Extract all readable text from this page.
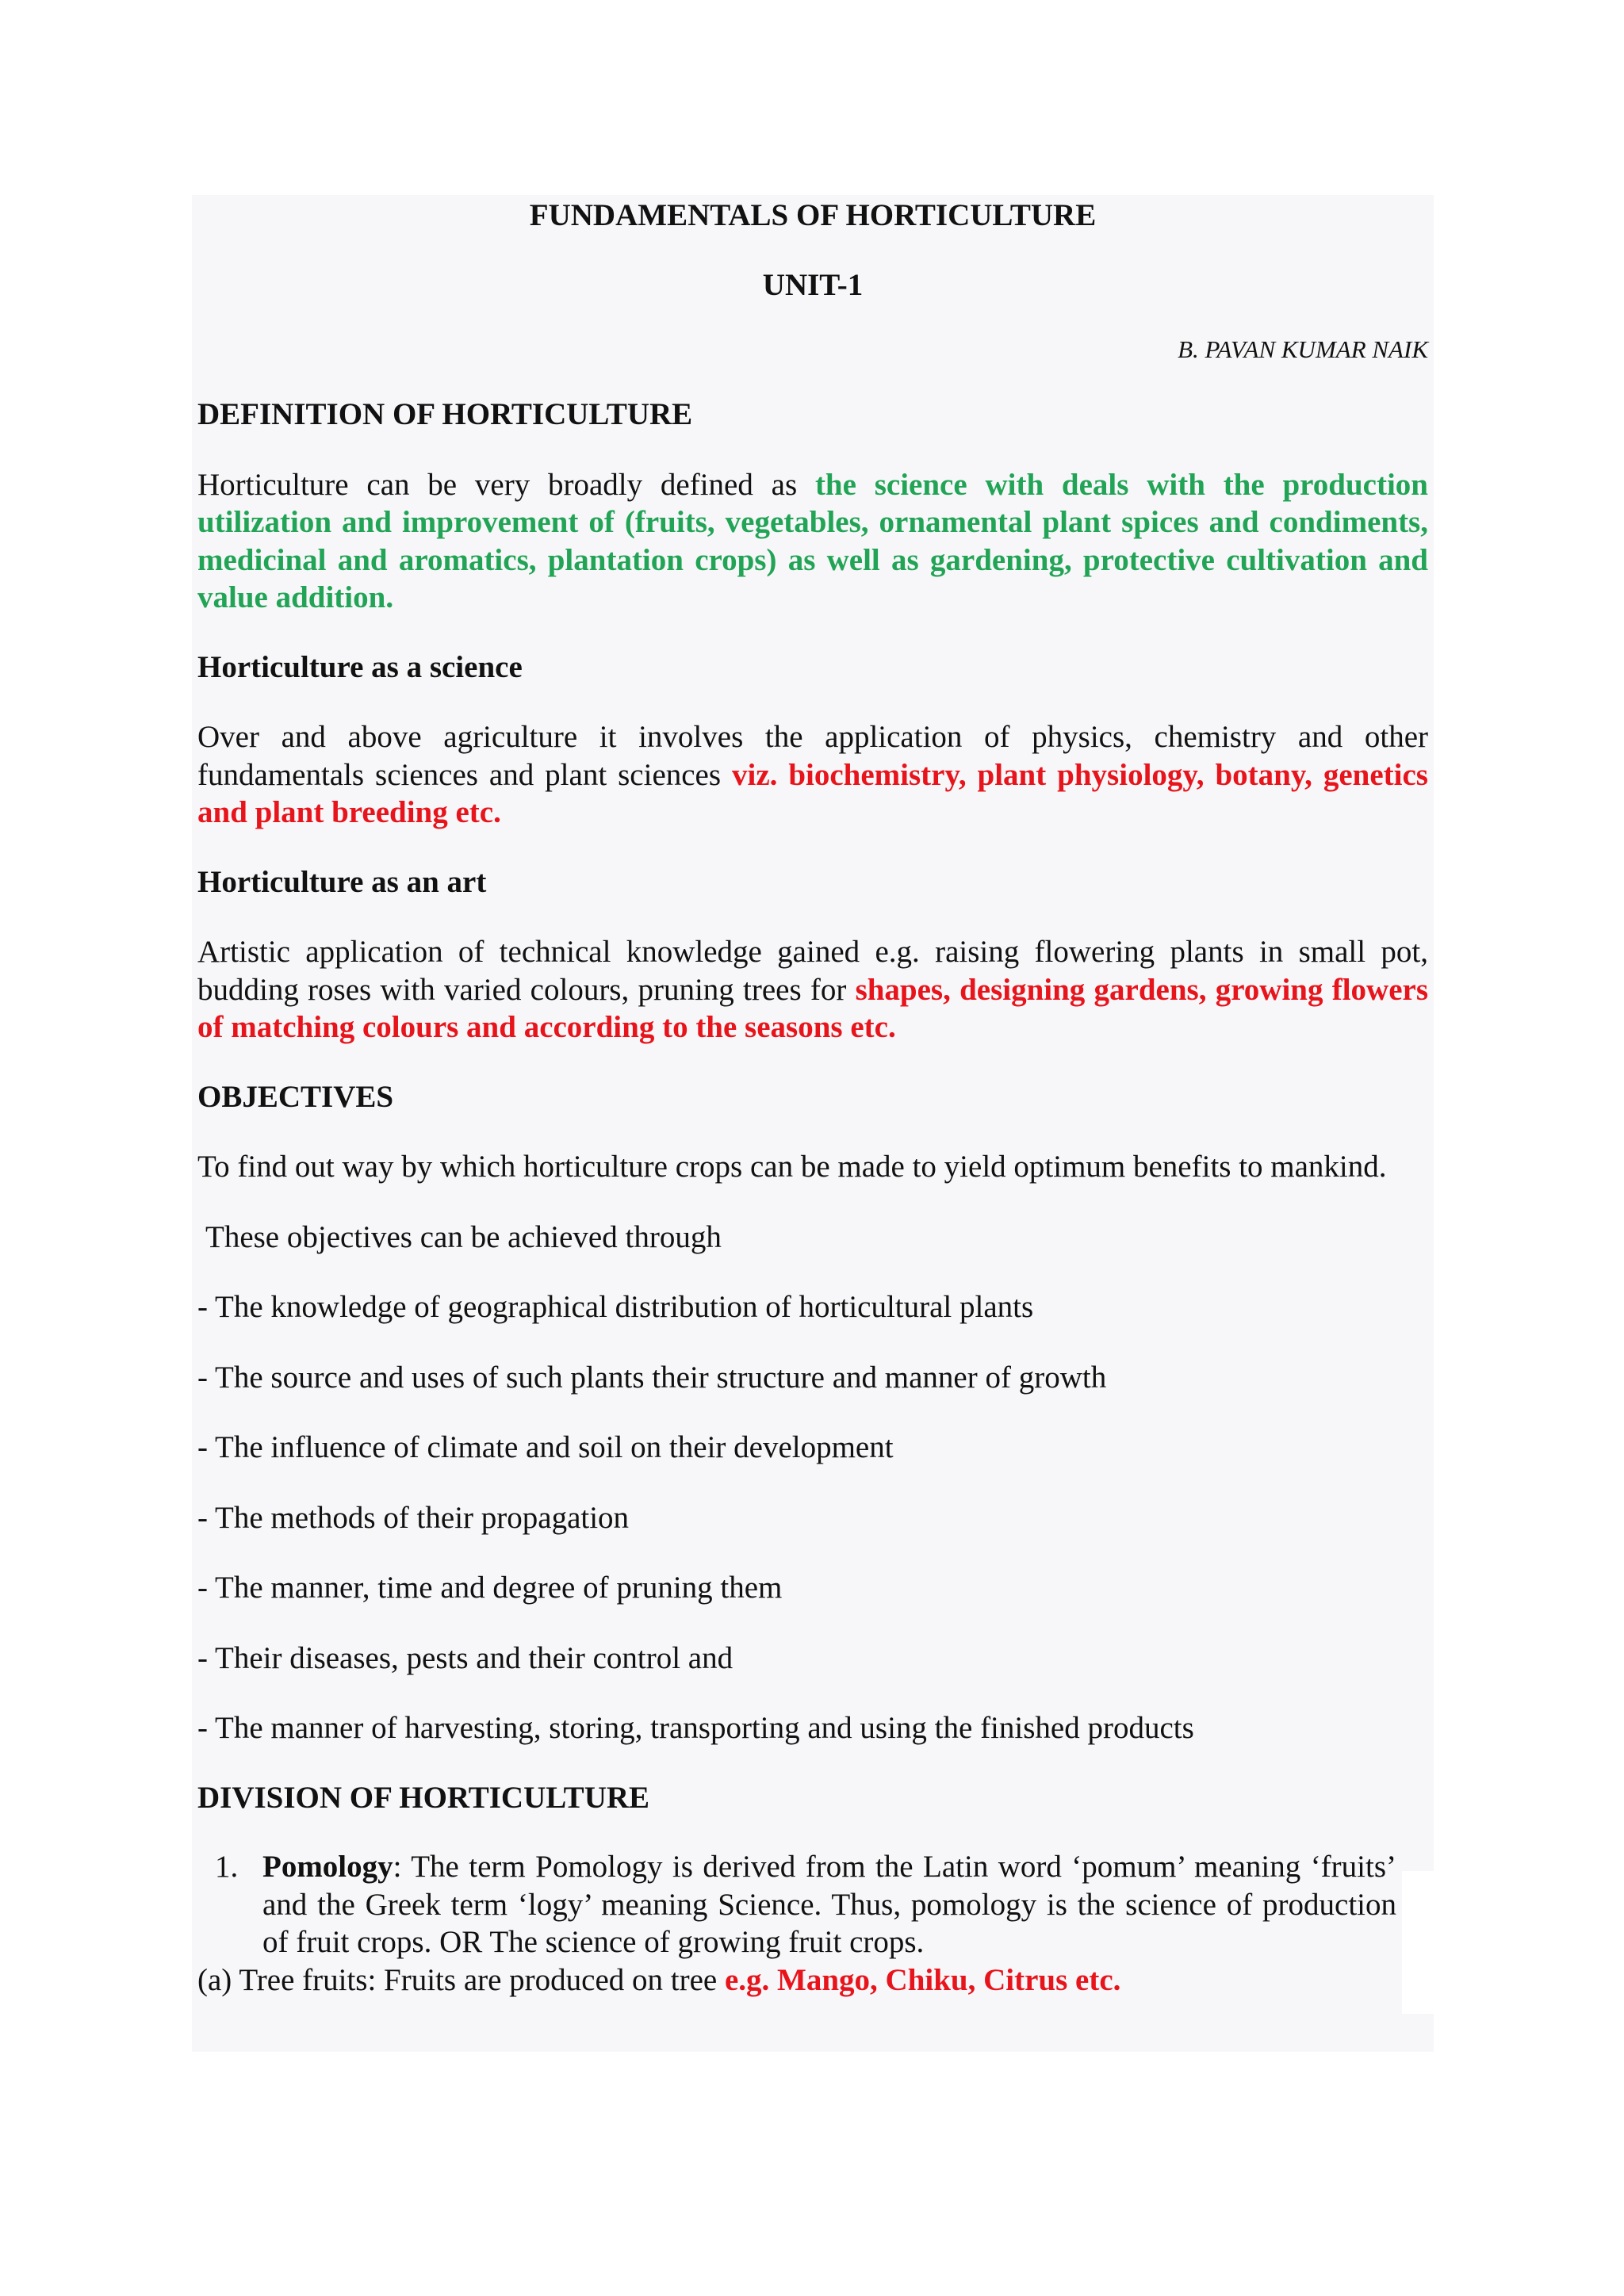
FUNDAMENTALS OF HORTICULTURE
UNIT-1
B. PAVAN KUMAR NAIK
DEFINITION OF HORTICULTURE

Horticulture can be very broadly defined as the science with deals with the production utilization and improvement of (fruits, vegetables, ornamental plant spices and condiments, medicinal and aromatics, plantation crops) as well as gardening, protective cultivation and value addition.

Horticulture as a science

Over and above agriculture it involves the application of physics, chemistry and other fundamentals sciences and plant sciences viz. biochemistry, plant physiology, botany, genetics and plant breeding etc.

Horticulture as an art

Artistic application of technical knowledge gained e.g. raising flowering plants in small pot, budding roses with varied colours, pruning trees for shapes, designing gardens, growing flowers of matching colours and according to the seasons etc.

OBJECTIVES

To find out way by which horticulture crops can be made to yield optimum benefits to mankind.

These objectives can be achieved through

- The knowledge of geographical distribution of horticultural plants
- The source and uses of such plants their structure and manner of growth
- The influence of climate and soil on their development
- The methods of their propagation
- The manner, time and degree of pruning them
- Their diseases, pests and their control and
- The manner of harvesting, storing, transporting and using the finished products
DIVISION OF HORTICULTURE
1. Pomology: The term Pomology is derived from the Latin word ‘pomum’ meaning ‘fruits’ and the Greek term ‘logy’ meaning Science. Thus, pomology is the science of production of fruit crops. OR The science of growing fruit crops.

(a) Tree fruits: Fruits are produced on tree e.g. Mango, Chiku, Citrus etc.
